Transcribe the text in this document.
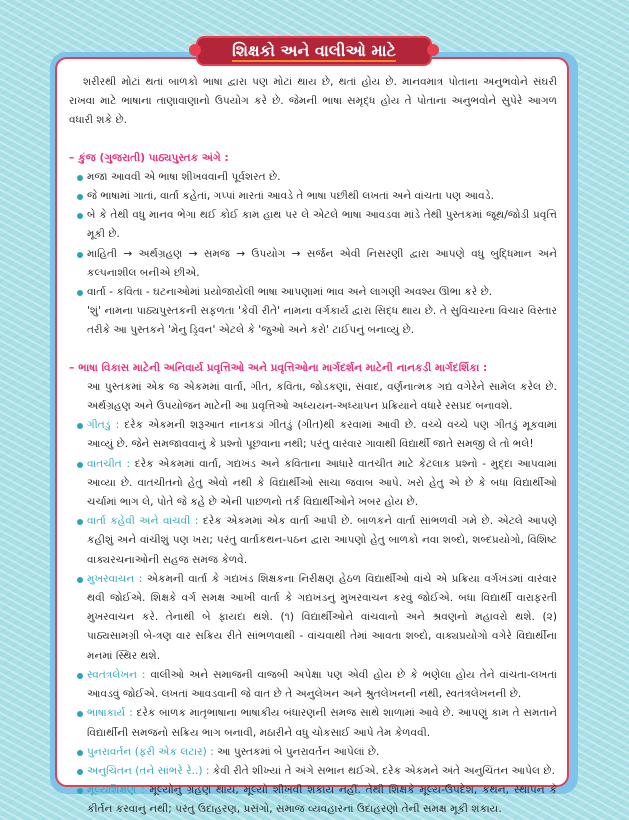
શિક્ષકો અને વાલીઓ માટે

શરીરથી મોટાં થતાં બાળકો ભાષા દ્વારા પણ મોટાં થાય છે, થતાં હોય છે. માનવમાત્ર પોતાના અનુભવોને સંઘરી રાખવા માટે ભાષાના તાણાવાણાનો ઉપયોગ કરે છે. જેમની ભાષા સમૃદ્ધ હોય તે પોતાના અનુભવોને સુપેરે આગળ વધારી શકે છે.

– કુંજ (ગુજરાતી) પાઠ્યપુસ્તક અંગે :

મજા આવવી એ ભાષા શીખવવાની પૂર્વશરત છે.
જે ભાષામાં ગાતાં, વાર્તા કહેતાં, ગપ્પાં મારતાં આવડે તે ભાષા પછીથી લખતાં અને વાંચતા પણ આવડે.
બે કે તેથી વધુ માનવ ભેગા થઈ કોઈ કામ હાથ પર લે એટલે ભાષા આવડવા માંડે તેથી પુસ્તકમાં જૂથ/જોડી પ્રવૃત્તિ મૂકી છે.
માહિતી → અર્થગ્રહણ → સમજ → ઉપયોગ → સર્જન એવી નિસરણી દ્વારા આપણે વધુ બુદ્ધિમાન અને કલ્પનાશીલ બનીએ છીએ.
વાર્તા - કવિતા - ઘટનાઓમાં પ્રયોજાયેલી ભાષા આપણામાં ભાવ અને લાગણી અવશ્ય ઊભા કરે છે.

'શું' નામના પાઠ્યપુસ્તકની સફળતા 'કેવી રીતે' નામના વર્ગકાર્ય દ્વારા સિદ્ધ થાય છે. તે સુવિચારના વિચાર વિસ્તાર તરીકે આ પુસ્તકને 'મેનુ ડ્રિવન' એટલે કે 'જુઓ અને કરો' ટાઈપનું બનાવ્યું છે.

– ભાષા વિકાસ માટેની અનિવાર્ય પ્રવૃત્તિઓ અને પ્રવૃત્તિઓના માર્ગદર્શન માટેની નાનકડી માર્ગદર્શિકા :

આ પુસ્તકમાં એક જ એકમમાં વાર્તા, ગીત, કવિતા, જોડકણાં, સંવાદ, વર્ણનાત્મક ગદ્ય વગેરેને સામેલ કરેલ છે. અર્થગ્રહણ અને ઉપયોજન માટેની આ પ્રવૃત્તિઓ અધ્યયન-અધ્યાપન પ્રક્રિયાને વધારે રસપ્રદ બનાવશે.

ગીતડું : દરેક એકમની શરૂઆત નાનકડાં ગીતડું (ગીત)થી કરવામાં આવી છે. વચ્ચે વચ્ચે પણ ગીતડું મૂકવામાં આવ્યું છે. જેને સમજાવવાનું કે પ્રશ્નો પૂછવાના નથી; પરંતુ વારંવાર ગાવાથી વિદ્યાર્થી જાતે સમજી લે તો ભલે!
વાતચીત : દરેક એકમમાં વાર્તા, ગદ્યખંડ અને કવિતાના આધારે વાતચીત માટે કેટલાક પ્રશ્નો - મુદ્દા આપવામાં આવ્યા છે. વાતચીતનો હેતુ એવો નથી કે વિદ્યાર્થીઓ સાચા જવાબ આપે. ખરો હેતુ એ છે કે બધા વિદ્યાર્થીઓ ચર્ચામાં ભાગ લે, પોતે જે કહે છે એની પાછળનો તર્ક વિદ્યાર્થીઓને ખબર હોય છે.
વાર્તા કહેવી અને વાંચવી : દરેક એકમમાં એક વાર્તા આપી છે. બાળકને વાર્તા સાંભળવી ગમે છે. એટલે આપણે કહીશું અને વાંચીશું પણ ખરા; પરંતુ વાર્તાકથન-પઠન દ્વારા આપણો હેતુ બાળકો નવા શબ્દો, શબ્દપ્રયોગો, વિશિષ્ટ વાક્યરચનાઓની સહજ સમજ કેળવે.
મુખરવાચન : એકમની વાર્તા કે ગદ્યખંડ શિક્ષકના નિરીક્ષણ હેઠળ વિદ્યાર્થીઓ વાંચે એ પ્રક્રિયા વર્ગખંડમાં વારંવાર થવી જોઈએ. શિક્ષકે વર્ગ સમક્ષ આખી વાર્તા કે ગદ્યખંડનું મુખરવાચન કરવું જોઈએ. બધા વિદ્યાર્થી વારાફરતી મુખરવાચન કરે. તેનાથી બે ફાયદા થશે. (૧) વિદ્યાર્થીઓને વાંચવાનો અને શ્રવણનો મહાવરો થશે. (૨) પાઠ્યસામગ્રી બે-ત્રણ વાર સક્રિય રીતે સાંભળવાથી - વાંચવાથી તેમાં આવતા શબ્દો, વાક્યપ્રયોગો વગેરે વિદ્યાર્થીના મનમાં સ્થિર થશે.
સ્વતંત્રલેખન : વાલીઓ અને સમાજની વાજબી અપેક્ષા પણ એવી હોય છે કે ભણેલા હોય તેને વાંચતા-લખતાં આવડવું જોઈએ. લખતાં આવડવાની જે વાત છે તે અનુલેખન અને શ્રુતલેખનની નથી, સ્વતંત્રલેખનની છે.
ભાષાકાર્ય : દરેક બાળક માતૃભાષાના ભાષાકીય બંધારણની સમજ સાથે શાળામાં આવે છે. આપણું કામ તે સમતાને વિદ્યાર્થીની સમજનો સક્રિય ભાગ બનાવી, મઠારીને વધુ ચોકસાઈ આપે તેમ કેળવવી.
પુનરાવર્તન (ફરી એક લટાર) : આ પુસ્તકમાં બે પુનરાવર્તન આપેલાં છે.
અનુચિંતન (તને સાંભરે રે..) : કેવી રીતે શીખ્યાં તે અંગે સભાન થઈએ. દરેક એકમને અંતે અનુચિંતન આપેલ છે.
મૂલ્યશિક્ષણ : મૂલ્યોનું ગ્રહણ થાય, મૂલ્યો શીખવી શકાય નહીં. તેથી શિક્ષકે મૂલ્ય-ઉપદેશ, કથન, સ્થાપન કે કીર્તન કરવાનું નથી; પરંતુ ઉદાહરણ, પ્રસંગો, સમાજ વ્યવહારનાં ઉદાહરણો તેની સમક્ષ મૂકી શકાય.
